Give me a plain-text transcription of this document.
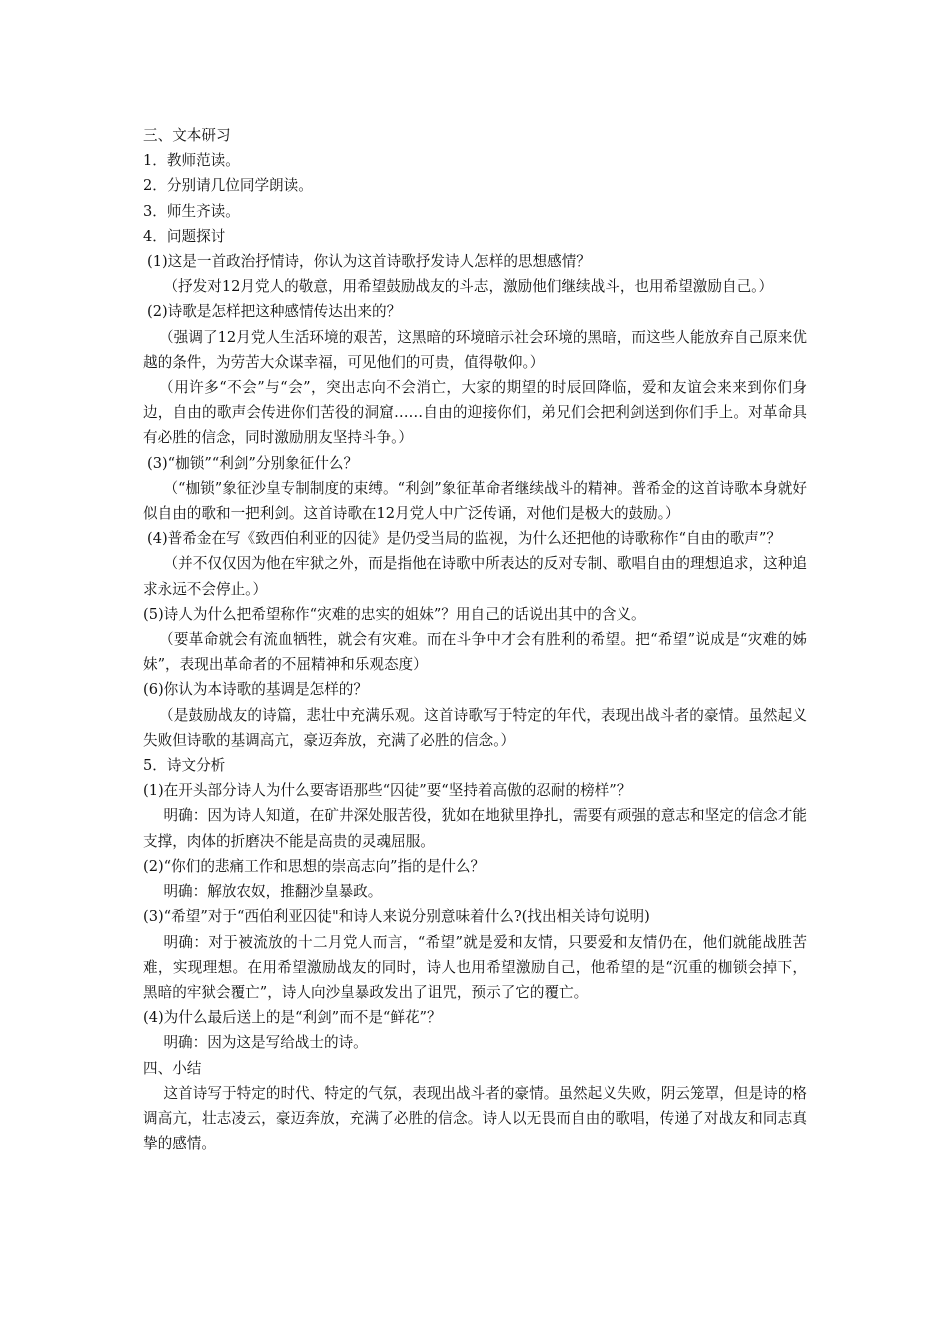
三、文本研习

1．教师范读。

2．分别请几位同学朗读。

3．师生齐读。

4．问题探讨

(1)这是一首政治抒情诗，你认为这首诗歌抒发诗人怎样的思想感情？

（抒发对12月党人的敬意，用希望鼓励战友的斗志，激励他们继续战斗，也用希望激励自己。）

(2)诗歌是怎样把这种感情传达出来的？

（强调了12月党人生活环境的艰苦，这黑暗的环境暗示社会环境的黑暗，而这些人能放弃自己原来优越的条件，为劳苦大众谋幸福，可见他们的可贵，值得敬仰。）

（用许多“不会”与“会”，突出志向不会消亡，大家的期望的时辰回降临，爱和友谊会来来到你们身边，自由的歌声会传进你们苦役的洞窟……自由的迎接你们，弟兄们会把利剑送到你们手上。对革命具有必胜的信念，同时激励朋友坚持斗争。）

(3)“枷锁”“利剑”分别象征什么？

（“枷锁”象征沙皇专制制度的束缚。“利剑”象征革命者继续战斗的精神。普希金的这首诗歌本身就好似自由的歌和一把利剑。这首诗歌在12月党人中广泛传诵，对他们是极大的鼓励。）

(4)普希金在写《致西伯利亚的囚徒》是仍受当局的监视，为什么还把他的诗歌称作“自由的歌声”？

（并不仅仅因为他在牢狱之外，而是指他在诗歌中所表达的反对专制、歌唱自由的理想追求，这种追求永远不会停止。）

(5)诗人为什么把希望称作“灾难的忠实的姐妹”？用自己的话说出其中的含义。

（要革命就会有流血牺牲，就会有灾难。而在斗争中才会有胜利的希望。把“希望”说成是“灾难的姊妹”，表现出革命者的不屈精神和乐观态度）

(6)你认为本诗歌的基调是怎样的？

（是鼓励战友的诗篇，悲壮中充满乐观。这首诗歌写于特定的年代，表现出战斗者的豪情。虽然起义失败但诗歌的基调高亢，豪迈奔放，充满了必胜的信念。）

5．诗文分析

(1)在开头部分诗人为什么要寄语那些“囚徒”要“坚持着高傲的忍耐的榜样”？

明确：因为诗人知道，在矿井深处服苦役，犹如在地狱里挣扎，需要有顽强的意志和坚定的信念才能支撑，肉体的折磨决不能是高贵的灵魂屈服。

(2)“你们的悲痛工作和思想的崇高志向”指的是什么？

明确：解放农奴，推翻沙皇暴政。

(3)“希望”对于“西伯利亚囚徒"和诗人来说分别意味着什么?(找出相关诗句说明)

明确：对于被流放的十二月党人而言，“希望”就是爱和友情，只要爱和友情仍在，他们就能战胜苦难，实现理想。在用希望激励战友的同时，诗人也用希望激励自己，他希望的是“沉重的枷锁会掉下，黑暗的牢狱会覆亡”，诗人向沙皇暴政发出了诅咒，预示了它的覆亡。

(4)为什么最后送上的是“利剑”而不是“鲜花”？

明确：因为这是写给战士的诗。

四、小结

这首诗写于特定的时代、特定的气氛，表现出战斗者的豪情。虽然起义失败，阴云笼罩，但是诗的格调高亢，壮志凌云，豪迈奔放，充满了必胜的信念。诗人以无畏而自由的歌唱，传递了对战友和同志真挚的感情。
